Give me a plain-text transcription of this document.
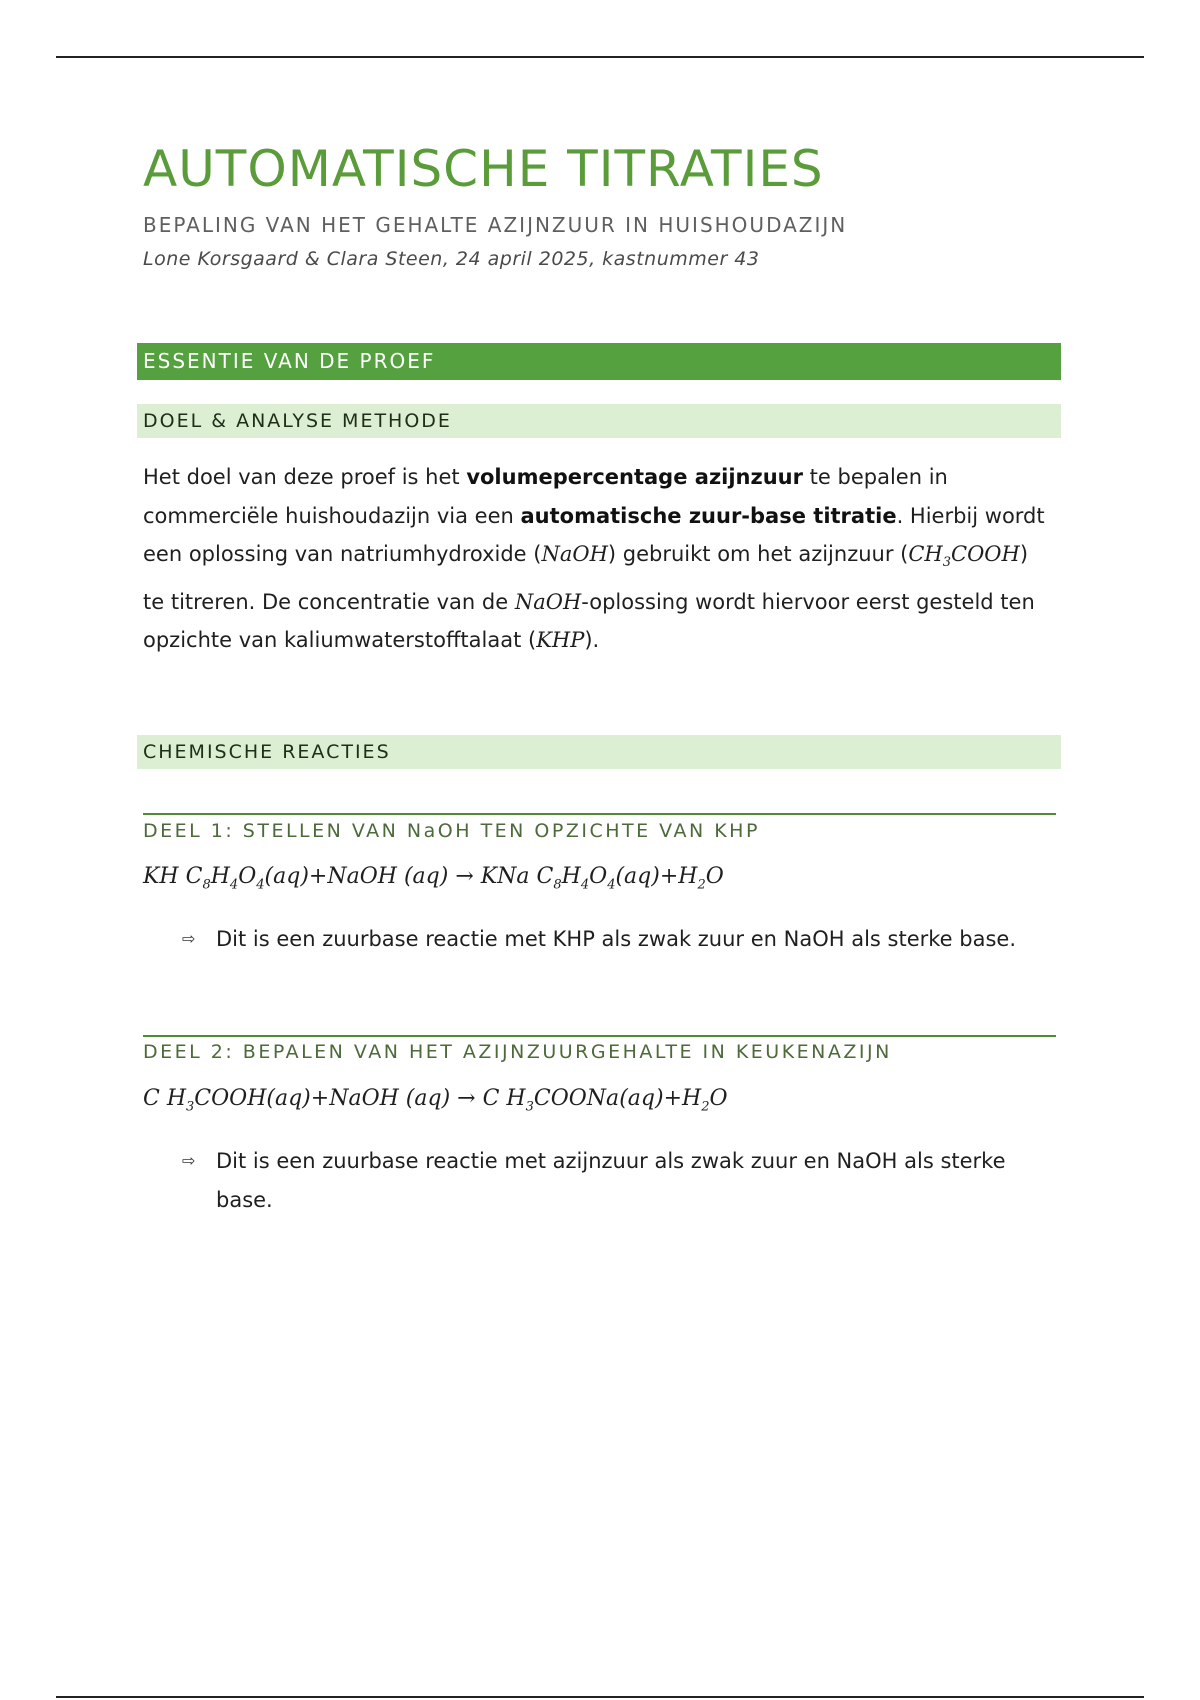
AUTOMATISCHE TITRATIES
BEPALING VAN HET GEHALTE AZIJNZUUR IN HUISHOUDAZIJN
Lone Korsgaard & Clara Steen, 24 april 2025, kastnummer 43
ESSENTIE VAN DE PROEF
DOEL & ANALYSE METHODE

Het doel van deze proef is het volumepercentage azijnzuur te bepalen in commerciële huishoudazijn via een automatische zuur-base titratie. Hierbij wordt een oplossing van natriumhydroxide (NaOH) gebruikt om het azijnzuur $(CH_3COOH)$ te titreren. De concentratie van de NaOH-oplossing wordt hiervoor eerst gesteld ten opzichte van kaliumwaterstofftalaat (KHP).

CHEMISCHE REACTIES
DEEL 1: STELLEN VAN NaOH TEN OPZICHTE VAN KHP
KH $C_8H_4O_4(aq)+NaOH$ (aq) → KNa $C_8H_4O_4(aq)+H_2O$
⇨ Dit is een zuurbase reactie met KHP als zwak zuur en NaOH als sterke base.
DEEL 2: BEPALEN VAN HET AZIJNZUURGEHALTE IN KEUKENAZIJN
C $H_3COOH(aq)+NaOH$ (aq) → C $H_3COONa(aq)+H_2O$
⇨ Dit is een zuurbase reactie met azijnzuur als zwak zuur en NaOH als sterke base.
